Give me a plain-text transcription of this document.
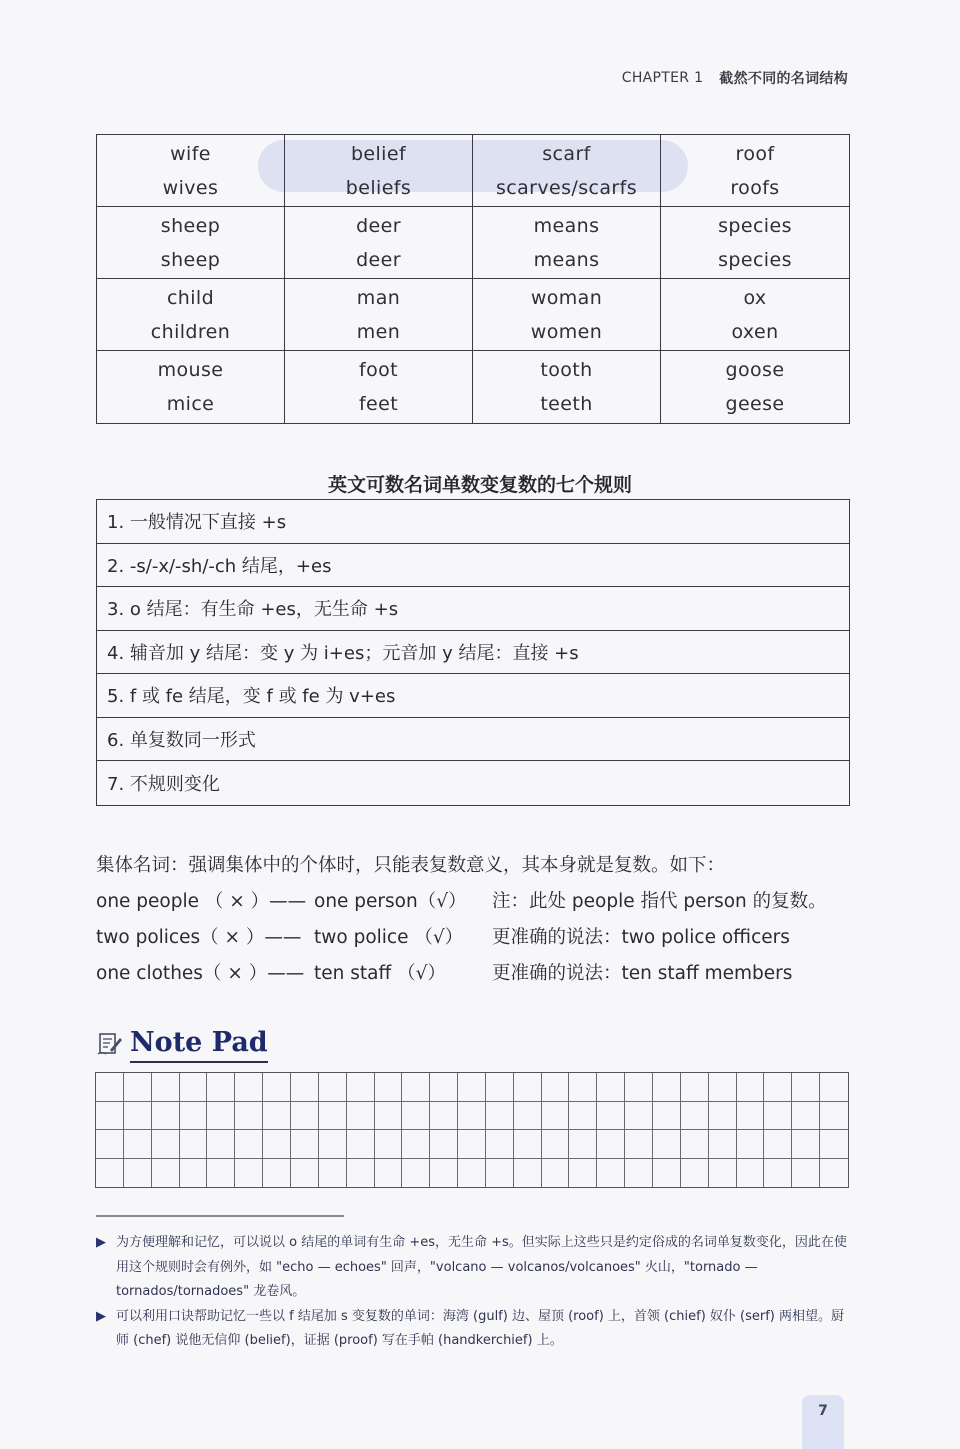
CHAPTER 1 截然不同的名词结构
wife
wives
belief
beliefs
scarf
scarves/scarfs
roof
roofs
sheep
sheep
deer
deer
means
means
species
species
child
children
man
men
woman
women
ox
oxen
mouse
mice
foot
feet
tooth
teeth
goose
geese
英文可数名词单数变复数的七个规则
1. 一般情况下直接 +s
2. -s/-x/-sh/-ch 结尾，+es
3. o 结尾：有生命 +es，无生命 +s
4. 辅音加 y 结尾：变 y 为 i+es；元音加 y 结尾：直接 +s
5. f 或 fe 结尾，变 f 或 fe 为 v+es
6. 单复数同一形式
7. 不规则变化
集体名词：强调集体中的个体时，只能表复数意义，其本身就是复数。如下：
one people （ × ）—— one person（√） 注：此处 people 指代 person 的复数。
two polices（ × ）—— two police （√） 更准确的说法：two police officers
one clothes（ × ）—— ten staff （√） 更准确的说法：ten staff members
Note Pad
▶ 为方便理解和记忆，可以说以 o 结尾的单词有生命 +es，无生命 +s。但实际上这些只是约定俗成的名词单复数变化，因此在使用这个规则时会有例外，如 "echo — echoes" 回声，"volcano — volcanos/volcanoes" 火山，"tornado — tornados/tornadoes" 龙卷风。
▶ 可以利用口诀帮助记忆一些以 f 结尾加 s 变复数的单词：海湾 (gulf) 边、屋顶 (roof) 上，首领 (chief) 奴仆 (serf) 两相望。厨师 (chef) 说他无信仰 (belief)，证据 (proof) 写在手帕 (handkerchief) 上。
7
